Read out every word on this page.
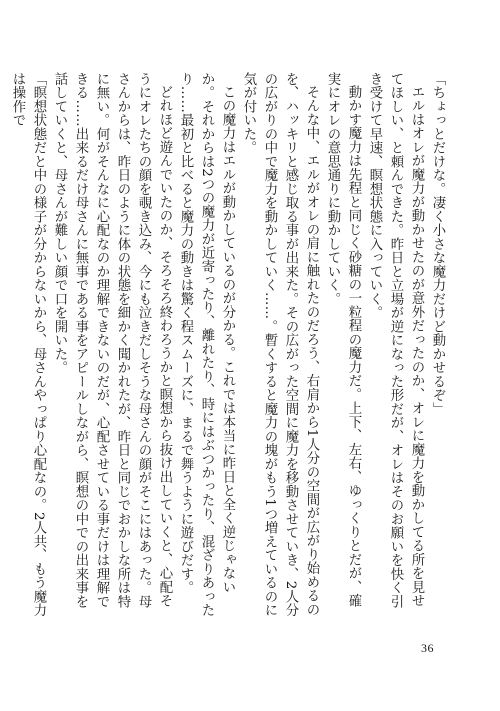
「ちょっとだけな。凄く小さな魔力だけど動かせるぞ」

エルはオレが魔力が動かせたのが意外だったのか、オレに魔力を動かしてる所を見せてほしい、と頼んできた。昨日と立場が逆になった形だが、オレはそのお願いを快く引き受けて早速、瞑想状態に入っていく。

動かす魔力は先程と同じく砂糖の一粒程の魔力だ。上下、左右、ゆっくりとだが、確実にオレの意思通りに動かしていく。

そんな中、エルがオレの肩に触れたのだろう、右肩から1人分の空間が広がり始めるのを、ハッキリと感じ取る事が出来た。その広がった空間に魔力を移動させていき、2人分の広がりの中で魔力を動かしていく……。暫くすると魔力の塊がもう1つ増えているのに気が付いた。

この魔力はエルが動かしているのが分かる。これでは本当に昨日と全く逆じゃないか。それからは2つの魔力が近寄ったり、離れたり、時にはぶつかったり、混ざりあったり……最初と比べると魔力の動きは驚く程スムーズに、まるで舞うように遊びだす。

どれほど遊んでいたのか、そろそろ終わろうかと瞑想から抜け出していくと、心配そうにオレたちの顔を覗き込み、今にも泣きだしそうな母さんの顔がそこにはあった。母さんからは、昨日のように体の状態を細かく聞かれたが、昨日と同じでおかしな所は特に無い。何がそんなに心配なのか理解できないのだが、心配させている事だけは理解できる……出来るだけ母さんに無事である事をアピールしながら、瞑想の中での出来事を話していくと、母さんが難しい顔で口を開いた。

「瞑想状態だと中の様子が分からないから、母さんやっぱり心配なの。2人共、もう魔力は操作で

36
